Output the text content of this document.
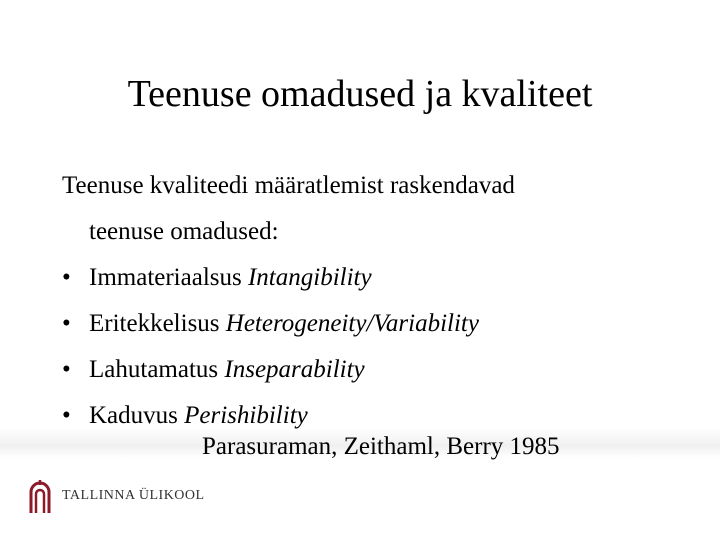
Teenuse omadused ja kvaliteet
Teenuse kvaliteedi määratlemist raskendavad
teenuse omadused:
• Immateriaalsus Intangibility
• Eritekkelisus Heterogeneity/Variability
• Lahutamatus Inseparability
• Kaduvus Perishibility
Parasuraman, Zeithaml, Berry 1985
TALLINNA ÜLIKOOL
